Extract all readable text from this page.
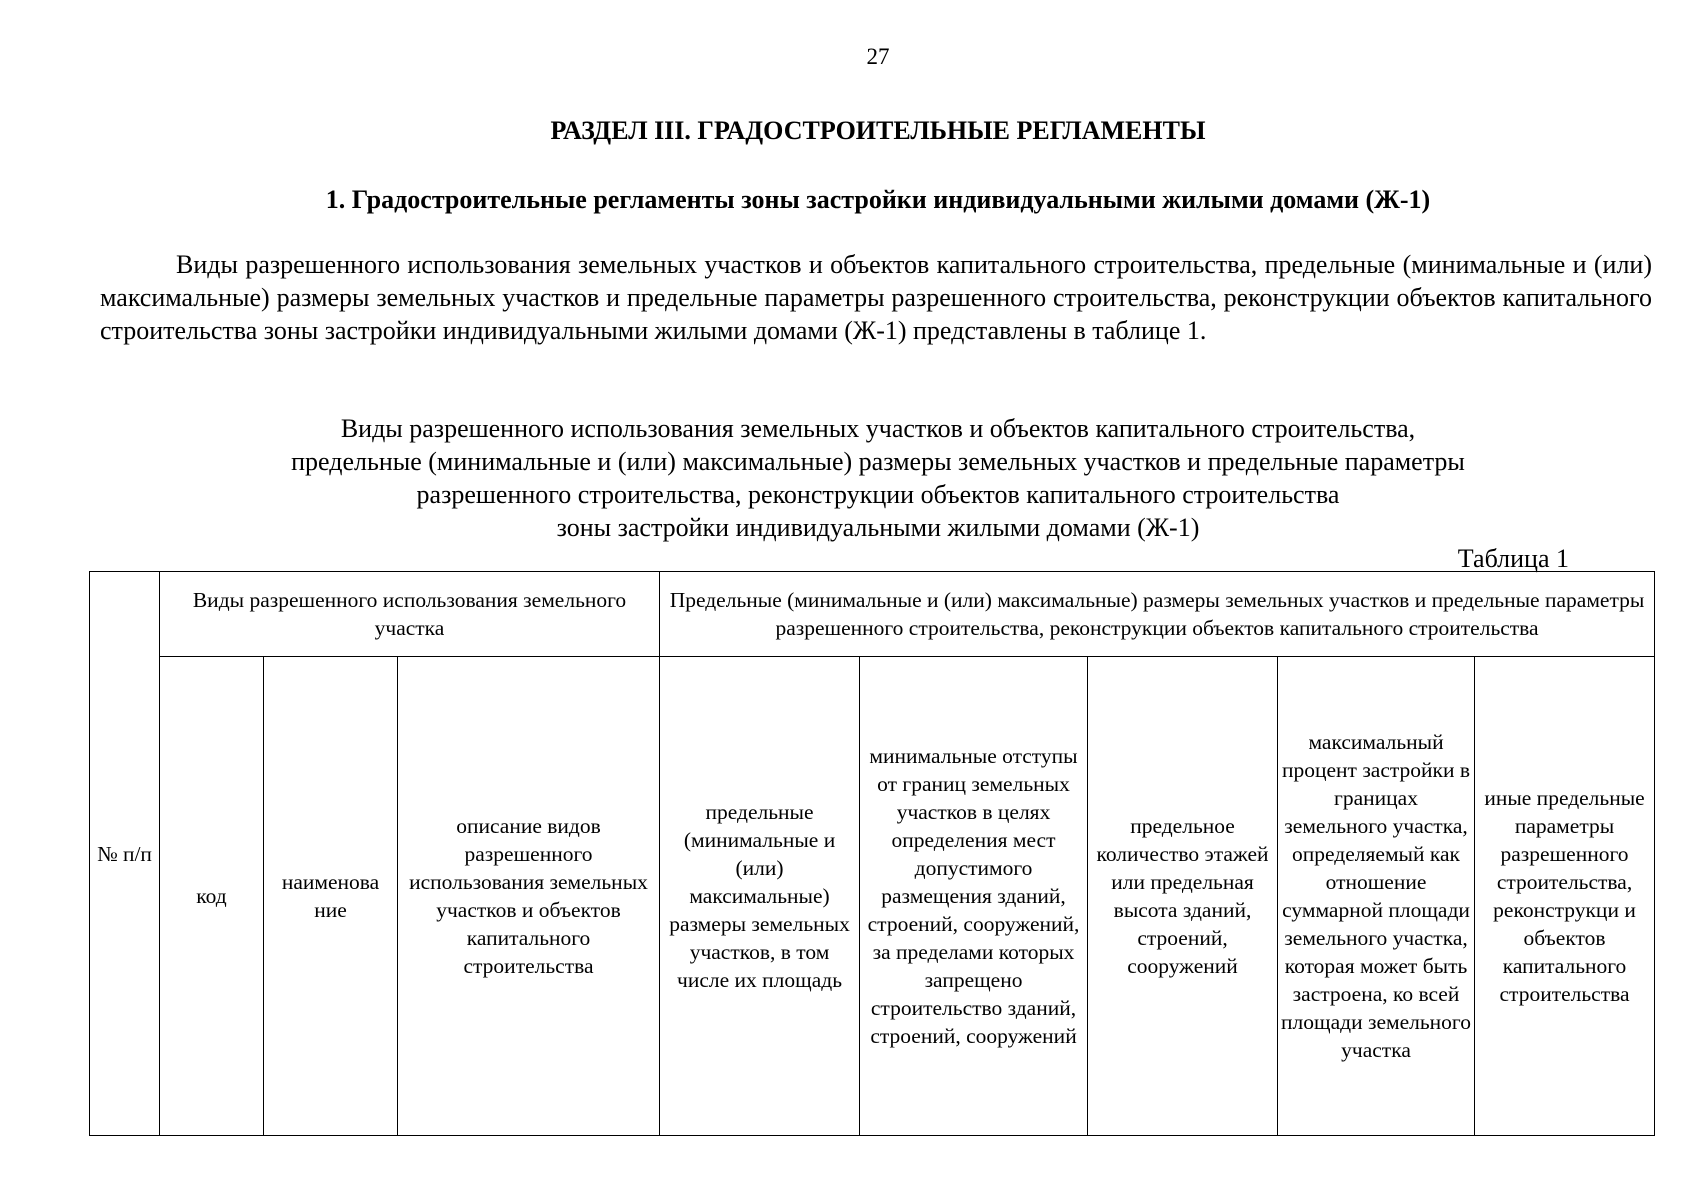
27
РАЗДЕЛ III. ГРАДОСТРОИТЕЛЬНЫЕ РЕГЛАМЕНТЫ
1. Градостроительные регламенты зоны застройки индивидуальными жилыми домами (Ж-1)

Виды разрешенного использования земельных участков и объектов капитального строительства, предельные (минимальные и (или) максимальные) размеры земельных участков и предельные параметры разрешенного строительства, реконструкции объектов капитального строительства зоны застройки индивидуальными жилыми домами (Ж-1) представлены в таблице 1.

Виды разрешенного использования земельных участков и объектов капитального строительства,
предельные (минимальные и (или) максимальные) размеры земельных участков и предельные параметры
разрешенного строительства, реконструкции объектов капитального строительства
зоны застройки индивидуальными жилыми домами (Ж-1)
Таблица 1
№ п/п	Виды разрешенного использования земельного участка			Предельные (минимальные и (или) максимальные) размеры земельных участков и предельные параметры разрешенного строительства, реконструкции объектов капитального строительства				
	код	наименова ние	описание видов разрешенного использования земельных участков и объектов капитального строительства	предельные (минимальные и (или) максимальные) размеры земельных участков, в том числе их площадь	минимальные отступы от границ земельных участков в целях определения мест допустимого размещения зданий, строений, сооружений, за пределами которых запрещено строительство зданий, строений, сооружений	предельное количество этажей или предельная высота зданий, строений, сооружений	максимальный процент застройки в границах земельного участка, определяемый как отношение суммарной площади земельного участка, которая может быть застроена, ко всей площади земельного участка	иные предельные параметры разрешенного строительства, реконструкци и объектов капитального строительства
